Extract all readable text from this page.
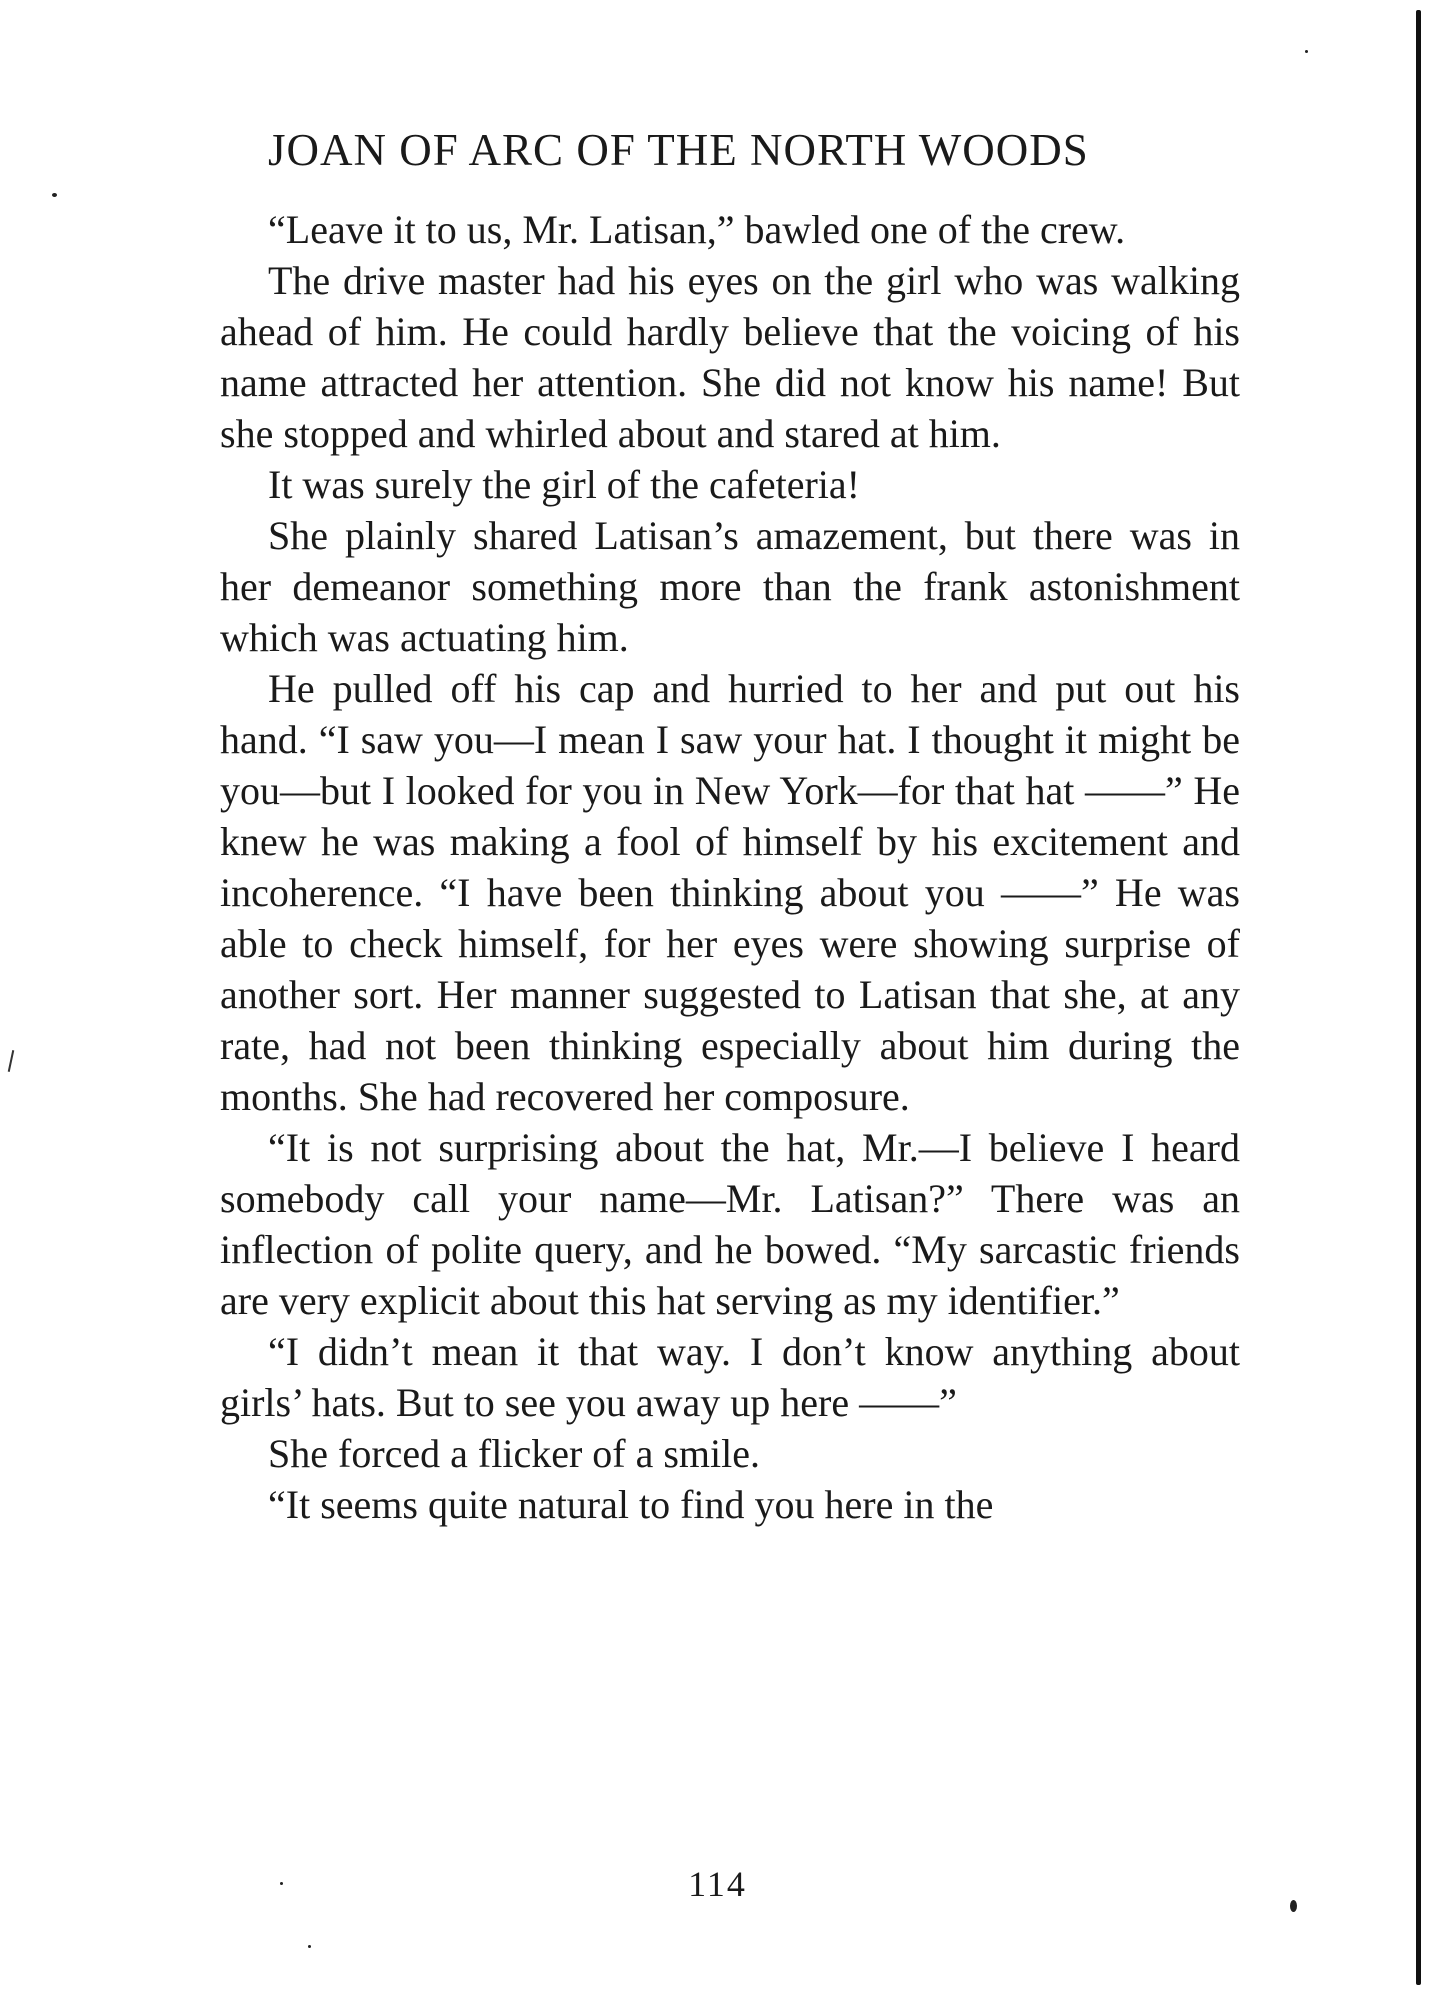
JOAN OF ARC OF THE NORTH WOODS

“Leave it to us, Mr. Latisan,” bawled one of the crew.

The drive master had his eyes on the girl who was walking ahead of him. He could hardly believe that the voicing of his name attracted her attention. She did not know his name! But she stopped and whirled about and stared at him.

It was surely the girl of the cafeteria!

She plainly shared Latisan’s amazement, but there was in her demeanor something more than the frank astonishment which was actuating him.

He pulled off his cap and hurried to her and put out his hand. “I saw you—I mean I saw your hat. I thought it might be you—but I looked for you in New York—for that hat ——” He knew he was making a fool of himself by his excitement and incoherence. “I have been thinking about you ——” He was able to check himself, for her eyes were showing surprise of another sort. Her manner suggested to Latisan that she, at any rate, had not been thinking especially about him during the months. She had recovered her composure.

“It is not surprising about the hat, Mr.—I believe I heard somebody call your name—Mr. Latisan?” There was an inflection of polite query, and he bowed. “My sarcastic friends are very explicit about this hat serving as my identifier.”

“I didn’t mean it that way. I don’t know anything about girls’ hats. But to see you away up here ——”

She forced a flicker of a smile.

“It seems quite natural to find you here in the

114
